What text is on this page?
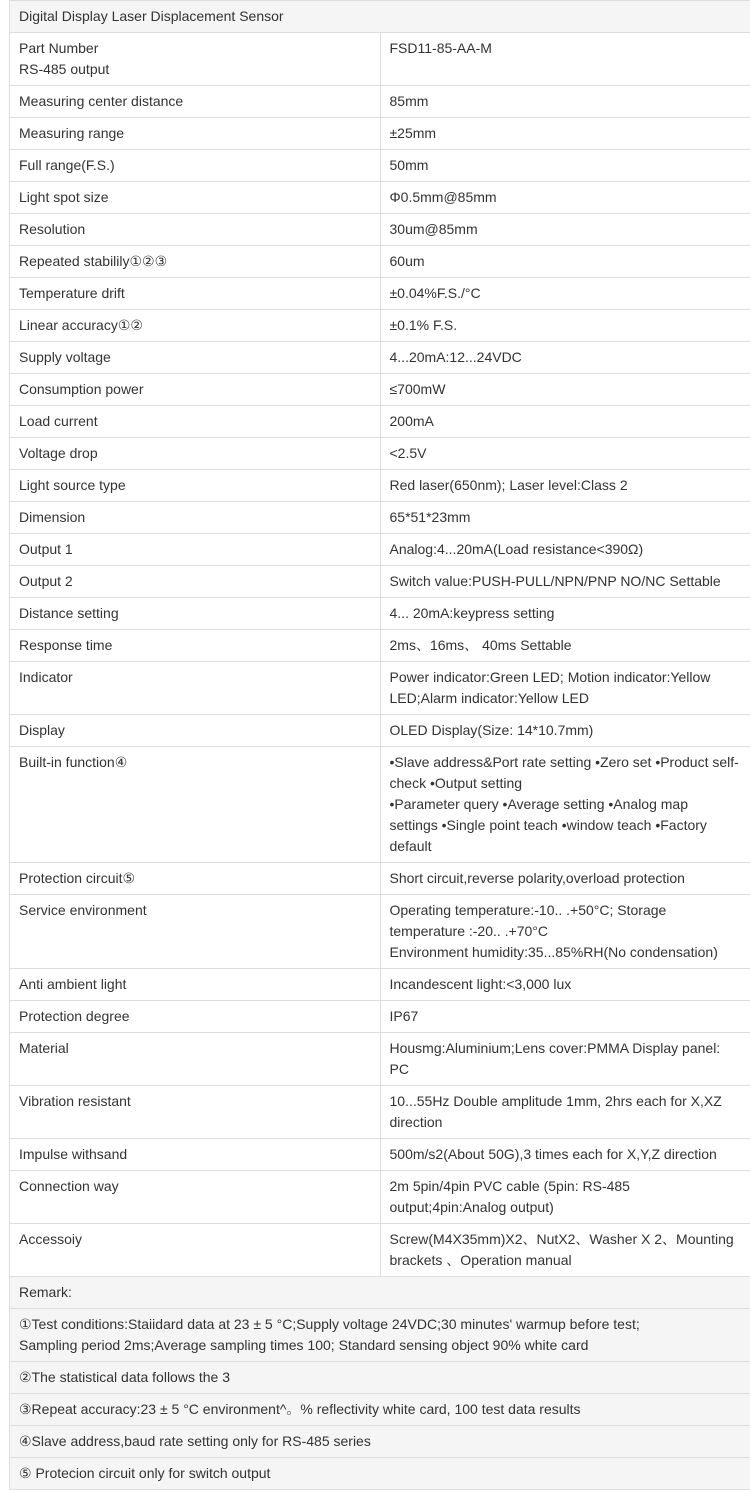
Digital Display Laser Displacement Sensor	
Part Number
RS-485 output	FSD11-85-AA-M
Measuring center distance	85mm
Measuring range	±25mm
Full range(F.S.)	50mm
Light spot size	Φ0.5mm@85mm
Resolution	30um@85mm
Repeated stabilily①②③	60um
Temperature drift	±0.04%F.S./°C
Linear accuracy①②	±0.1% F.S.
Supply voltage	4...20mA:12...24VDC
Consumption power	≤700mW
Load current	200mA
Voltage drop	<2.5V
Light source type	Red laser(650nm); Laser level:Class 2
Dimension	65*51*23mm
Output 1	Analog:4...20mA(Load resistance<390Ω)
Output 2	Switch value:PUSH-PULL/NPN/PNP NO/NC Settable
Distance setting	4... 20mA:keypress setting
Response time	2ms、16ms、 40ms Settable
Indicator	Power indicator:Green LED; Motion indicator:Yellow LED;Alarm indicator:Yellow LED
Display	OLED Display(Size: 14*10.7mm)
Built-in function④	•Slave address&Port rate setting •Zero set •Product self-check •Output setting
•Parameter query •Average setting •Analog map
settings •Single point teach •window teach •Factory default
Protection circuit⑤	Short circuit,reverse polarity,overload protection
Service environment	Operating temperature:-10.. .+50°C; Storage temperature :-20.. .+70°C
Environment humidity:35...85%RH(No condensation)
Anti ambient light	Incandescent light:<3,000 lux
Protection degree	IP67
Material	Housmg:Aluminium;Lens cover:PMMA Display panel: PC
Vibration resistant	10...55Hz Double amplitude 1mm, 2hrs each for X,XZ direction
Impulse withsand	500m/s2(About 50G),3 times each for X,Y,Z direction
Connection way	2m 5pin/4pin PVC cable (5pin: RS-485 output;4pin:Analog output)
Accessoiy	Screw(M4X35mm)X2、NutX2、Washer X 2、Mounting brackets 、Operation manual
Remark:	
①Test conditions:Staiidard data at 23 ± 5 °C;Supply voltage 24VDC;30 minutes' warmup before test;
Sampling period 2ms;Average sampling times 100; Standard sensing object 90% white card	
②The statistical data follows the 3	
③Repeat accuracy:23 ± 5 °C environment^。% reflectivity white card, 100 test data results	
④Slave address,baud rate setting only for RS-485 series	
⑤ Protecion circuit only for switch output	
